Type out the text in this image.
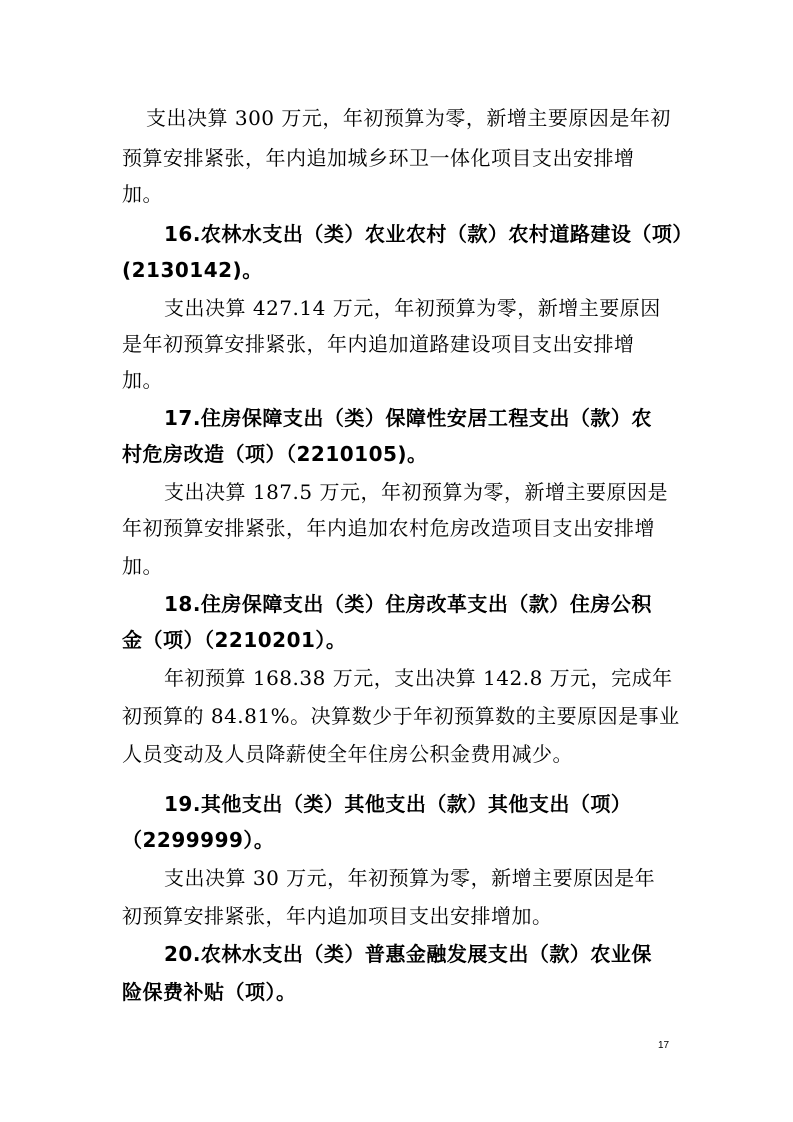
支出决算 300 万元，年初预算为零，新增主要原因是年初
预算安排紧张，年内追加城乡环卫一体化项目支出安排增
加。
16.农林水支出（类）农业农村（款）农村道路建设（项）
(2130142)。
支出决算 427.14 万元，年初预算为零，新增主要原因
是年初预算安排紧张，年内追加道路建设项目支出安排增
加。
17.住房保障支出（类）保障性安居工程支出（款）农
村危房改造（项）（2210105)。
支出决算 187.5 万元，年初预算为零，新增主要原因是
年初预算安排紧张，年内追加农村危房改造项目支出安排增
加。
18.住房保障支出（类）住房改革支出（款）住房公积
金（项）（2210201）。
年初预算 168.38 万元，支出决算 142.8 万元，完成年
初预算的 84.81%。决算数少于年初预算数的主要原因是事业
人员变动及人员降薪使全年住房公积金费用减少。
19.其他支出（类）其他支出（款）其他支出（项）
（2299999）。
支出决算 30 万元，年初预算为零，新增主要原因是年
初预算安排紧张，年内追加项目支出安排增加。
20.农林水支出（类）普惠金融发展支出（款）农业保
险保费补贴（项）。
17
